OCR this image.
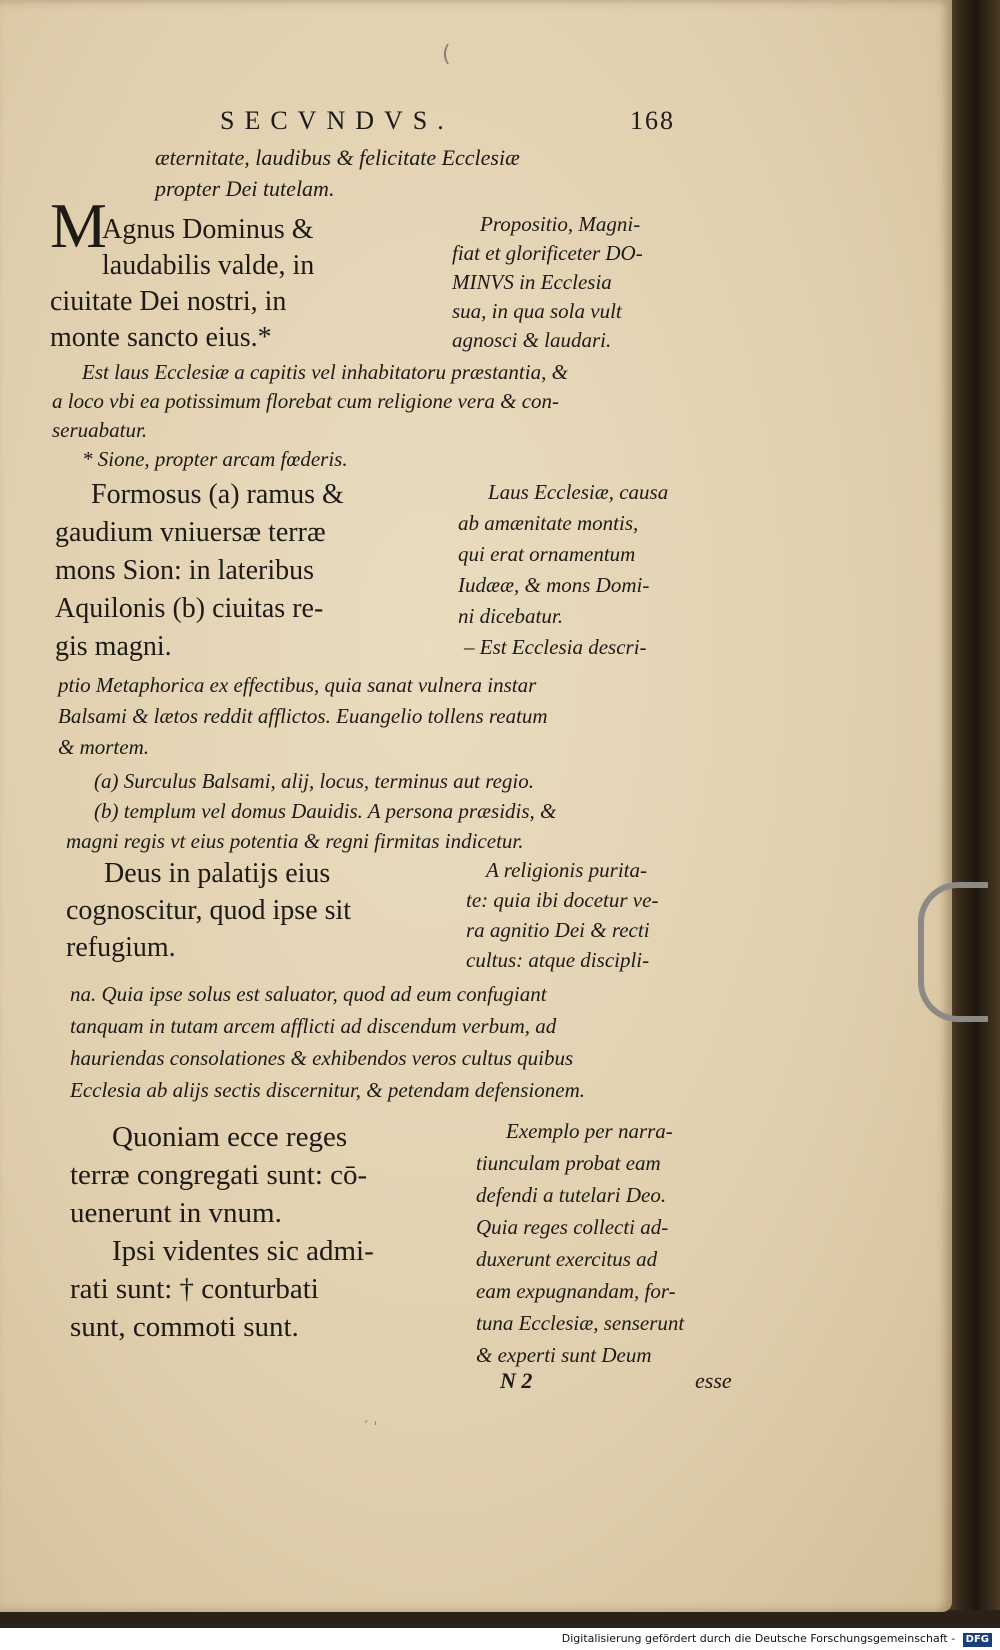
(
´ ˈ
SECVNDVS.	168
æternitate, laudibus & felicitate Ecclesiæ
propter Dei tutelam.
M
Agnus Dominus &
laudabilis valde, in
ciuitate Dei nostri, in
monte sancto eius.*
Propositio, Magni-
fiat et glorificeter DO-
MINVS in Ecclesia
sua, in qua sola vult
agnosci & laudari.
Est laus Ecclesiæ a capitis vel inhabitatoru præstantia, &
a loco vbi ea potissimum florebat cum religione vera & con-
seruabatur.
* Sione, propter arcam fœderis.
Formosus (a) ramus &
gaudium vniuersæ terræ
mons Sion: in lateribus
Aquilonis (b) ciuitas re-
gis magni.
Laus Ecclesiæ, causa
ab amænitate montis,
qui erat ornamentum
Iudææ, & mons Domi-
ni dicebatur.
– Est Ecclesia descri-
ptio Metaphorica ex effectibus, quia sanat vulnera instar
Balsami & lætos reddit afflictos. Euangelio tollens reatum
& mortem.
(a) Surculus Balsami, alij, locus, terminus aut regio.
(b) templum vel domus Dauidis. A persona præsidis, &
magni regis vt eius potentia & regni firmitas indicetur.
Deus in palatijs eius
cognoscitur, quod ipse sit
refugium.
A religionis purita-
te: quia ibi docetur ve-
ra agnitio Dei & recti
cultus: atque discipli-
na. Quia ipse solus est saluator, quod ad eum confugiant
tanquam in tutam arcem afflicti ad discendum verbum, ad
hauriendas consolationes & exhibendos veros cultus quibus
Ecclesia ab alijs sectis discernitur, & petendam defensionem.
Quoniam ecce reges
terræ congregati sunt: cō-
uenerunt in vnum.
Ipsi videntes sic admi-
rati sunt: † conturbati
sunt, commoti sunt.
Exemplo per narra-
tiunculam probat eam
defendi a tutelari Deo.
Quia reges collecti ad-
duxerunt exercitus ad
eam expugnandam, for-
tuna Ecclesiæ, senserunt
& experti sunt Deum
N 2	esse
Digitalisierung gefördert durch die Deutsche Forschungsgemeinschaft - DFG
